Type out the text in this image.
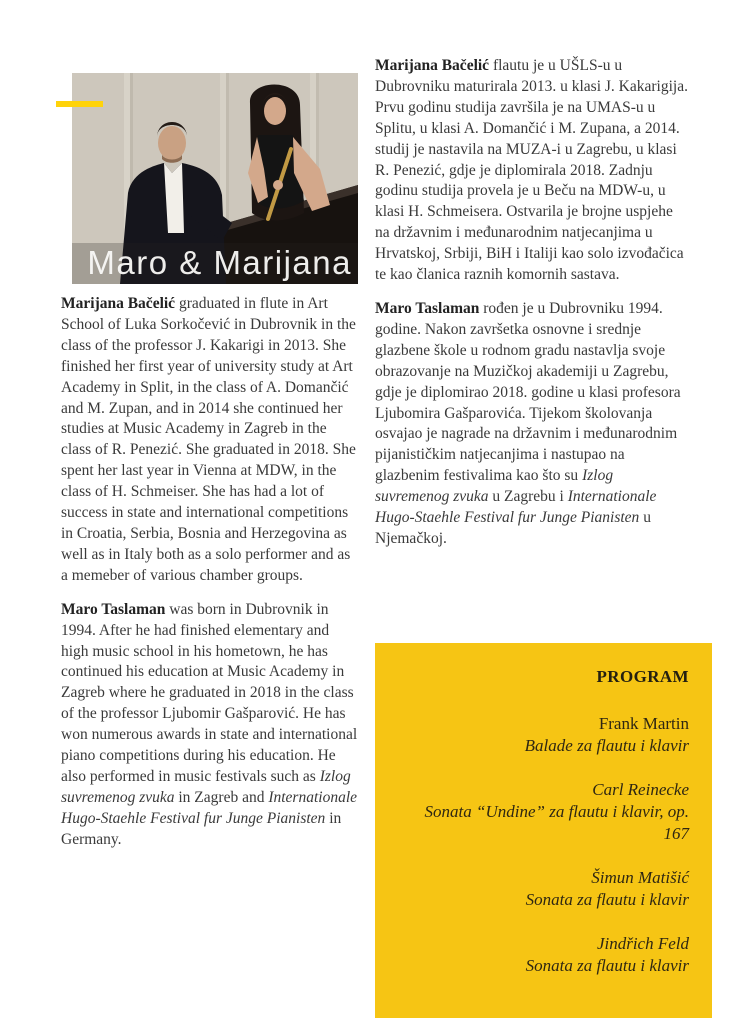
Maro & Marijana

Marijana Bačelić graduated in flute in Art School of Luka Sorkočević in Dubrovnik in the class of the professor J. Kakarigi in 2013. She finished her first year of university study at Art Academy in Split, in the class of A. Domančić and M. Zupan, and in 2014 she continued her studies at Music Academy in Zagreb in the class of R. Penezić. She graduated in 2018. She spent her last year in Vienna at MDW, in the class of H. Schmeiser. She has had a lot of success in state and international competitions in Croatia, Serbia, Bosnia and Herzegovina as well as in Italy both as a solo performer and as a memeber of various chamber groups.

Maro Taslaman was born in Dubrovnik in 1994. After he had finished elementary and high music school in his hometown, he has continued his education at Music Academy in Zagreb where he graduated in 2018 in the class of the professor Ljubomir Gašparović. He has won numerous awards in state and international piano competitions during his education. He also performed in music festivals such as Izlog suvremenog zvuka in Zagreb and Internationale Hugo-Staehle Festival fur Junge Pianisten in Germany.

Marijana Bačelić flautu je u UŠLS-u u Dubrovniku maturirala 2013. u klasi J. Kakarigija. Prvu godinu studija završila je na UMAS-u u Splitu, u klasi A. Domančić i M. Zupana, a 2014. studij je nastavila na MUZA-i u Zagrebu, u klasi R. Penezić, gdje je diplomirala 2018. Zadnju godinu studija provela je u Beču na MDW-u, u klasi H. Schmeisera. Ostvarila je brojne uspjehe na državnim i međunarodnim natjecanjima u Hrvatskoj, Srbiji, BiH i Italiji kao solo izvođačica te kao članica raznih komornih sastava.

Maro Taslaman rođen je u Dubrovniku 1994. godine. Nakon završetka osnovne i srednje glazbene škole u rodnom gradu nastavlja svoje obrazovanje na Muzičkoj akademiji u Zagrebu, gdje je diplomirao 2018. godine u klasi profesora Ljubomira Gašparovića. Tijekom školovanja osvajao je nagrade na državnim i međunarodnim pijanističkim natjecanjima i nastupao na glazbenim festivalima kao što su Izlog suvremenog zvuka u Zagrebu i Internationale Hugo-Staehle Festival fur Junge Pianisten u Njemačkoj.

PROGRAM
Frank Martin
Balade za flautu i klavir
Carl Reinecke
Sonata “Undine” za flautu i klavir, op. 167
Šimun Matišić
Sonata za flautu i klavir
Jindřich Feld
Sonata za flautu i klavir
